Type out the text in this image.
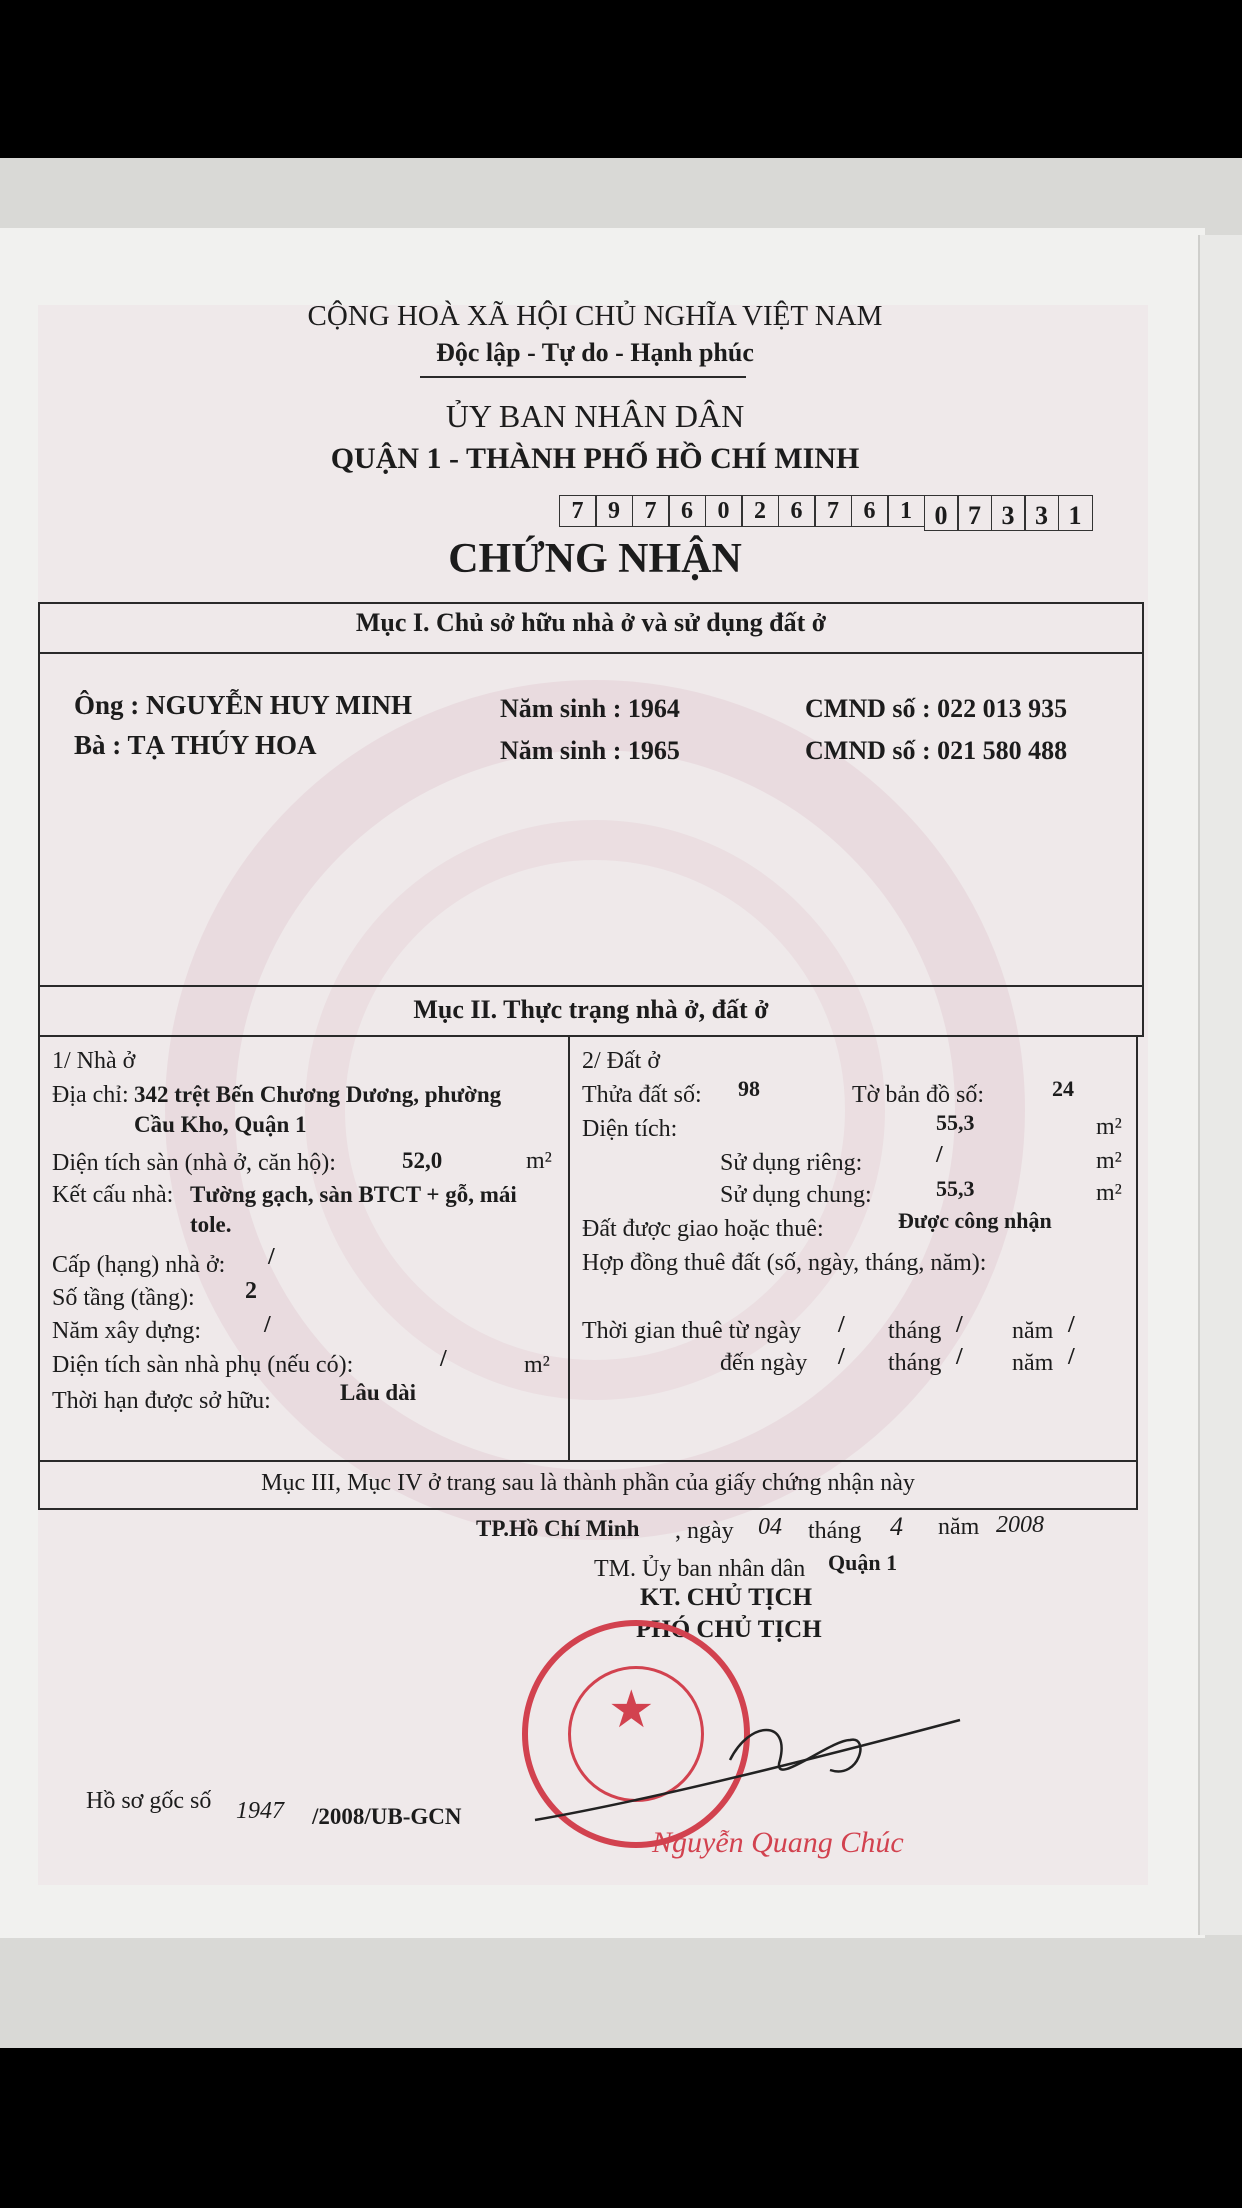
CỘNG HOÀ XÃ HỘI CHỦ NGHĨA VIỆT NAM
Độc lập - Tự do - Hạnh phúc
ỦY BAN NHÂN DÂN
QUẬN 1 - THÀNH PHỐ HỒ CHÍ MINH
7	9	7	6	0	2	6	7	6	1 0 7 3 3 1
CHỨNG NHẬN
Mục I. Chủ sở hữu nhà ở và sử dụng đất ở
Ông : NGUYỄN HUY MINH	Năm sinh : 1964	CMND số : 022 013 935
Bà : TẠ THÚY HOA	Năm sinh : 1965	CMND số : 021 580 488
Mục II. Thực trạng nhà ở, đất ở
1/ Nhà ở
Địa chỉ: 342 trệt Bến Chương Dương, phường
Cầu Kho, Quận 1
Diện tích sàn (nhà ở, căn hộ):	52,0	m²
Kết cấu nhà: Tường gạch, sàn BTCT + gỗ, mái
tole.
Cấp (hạng) nhà ở: /
Số tầng (tầng): 2
Năm xây dựng:	/
Diện tích sàn nhà phụ (nếu có):	/	m²
Thời hạn được sở hữu:	Lâu dài
2/ Đất ở
Thửa đất số: 98	Tờ bản đồ số:	24
Diện tích:	55,3	m²
Sử dụng riêng:	/	m²
Sử dụng chung:	55,3	m²
Đất được giao hoặc thuê:	Được công nhận
Hợp đồng thuê đất (số, ngày, tháng, năm):
Thời gian thuê từ ngày / tháng / năm /
đến ngày / tháng / năm /
Mục III, Mục IV ở trang sau là thành phần của giấy chứng nhận này
TP.Hồ Chí Minh , ngày 04 tháng 4 năm 2008
TM. Ủy ban nhân dân Quận 1
KT. CHỦ TỊCH
PHÓ CHỦ TỊCH
★
Nguyễn Quang Chúc
Hồ sơ gốc số 1947 /2008/UB-GCN
